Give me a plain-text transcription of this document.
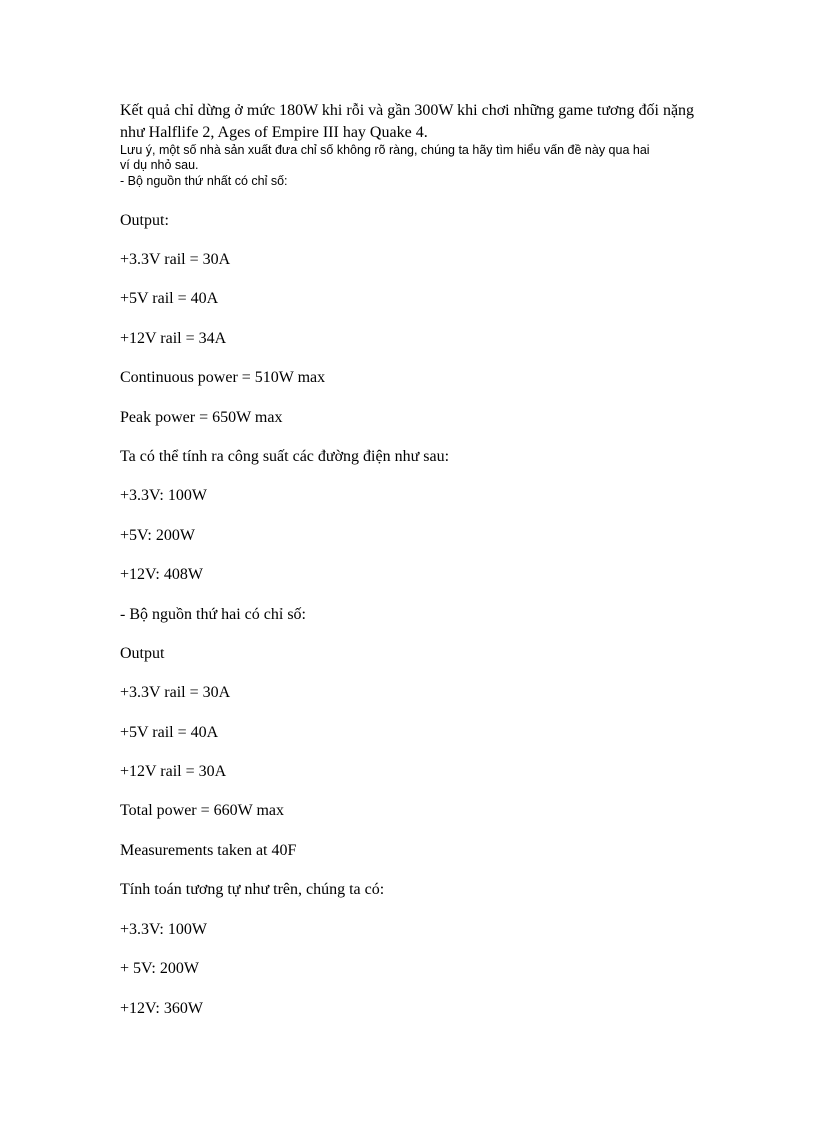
Kết quả chỉ dừng ở mức 180W khi rỗi và gần 300W khi chơi những game tương đối nặng
như Halflife 2, Ages of Empire III hay Quake 4.
Lưu ý, một số nhà sản xuất đưa chỉ số không rõ ràng, chúng ta hãy tìm hiểu vấn đề này qua hai
ví dụ nhỏ sau.
- Bộ nguồn thứ nhất có chỉ số:
Output:
+3.3V rail = 30A
+5V rail = 40A
+12V rail = 34A
Continuous power = 510W max
Peak power = 650W max
Ta có thể tính ra công suất các đường điện như sau:
+3.3V: 100W
+5V: 200W
+12V: 408W
- Bộ nguồn thứ hai có chỉ số:
Output
+3.3V rail = 30A
+5V rail = 40A
+12V rail = 30A
Total power = 660W max
Measurements taken at 40F
Tính toán tương tự như trên, chúng ta có:
+3.3V: 100W
+ 5V: 200W
+12V: 360W
